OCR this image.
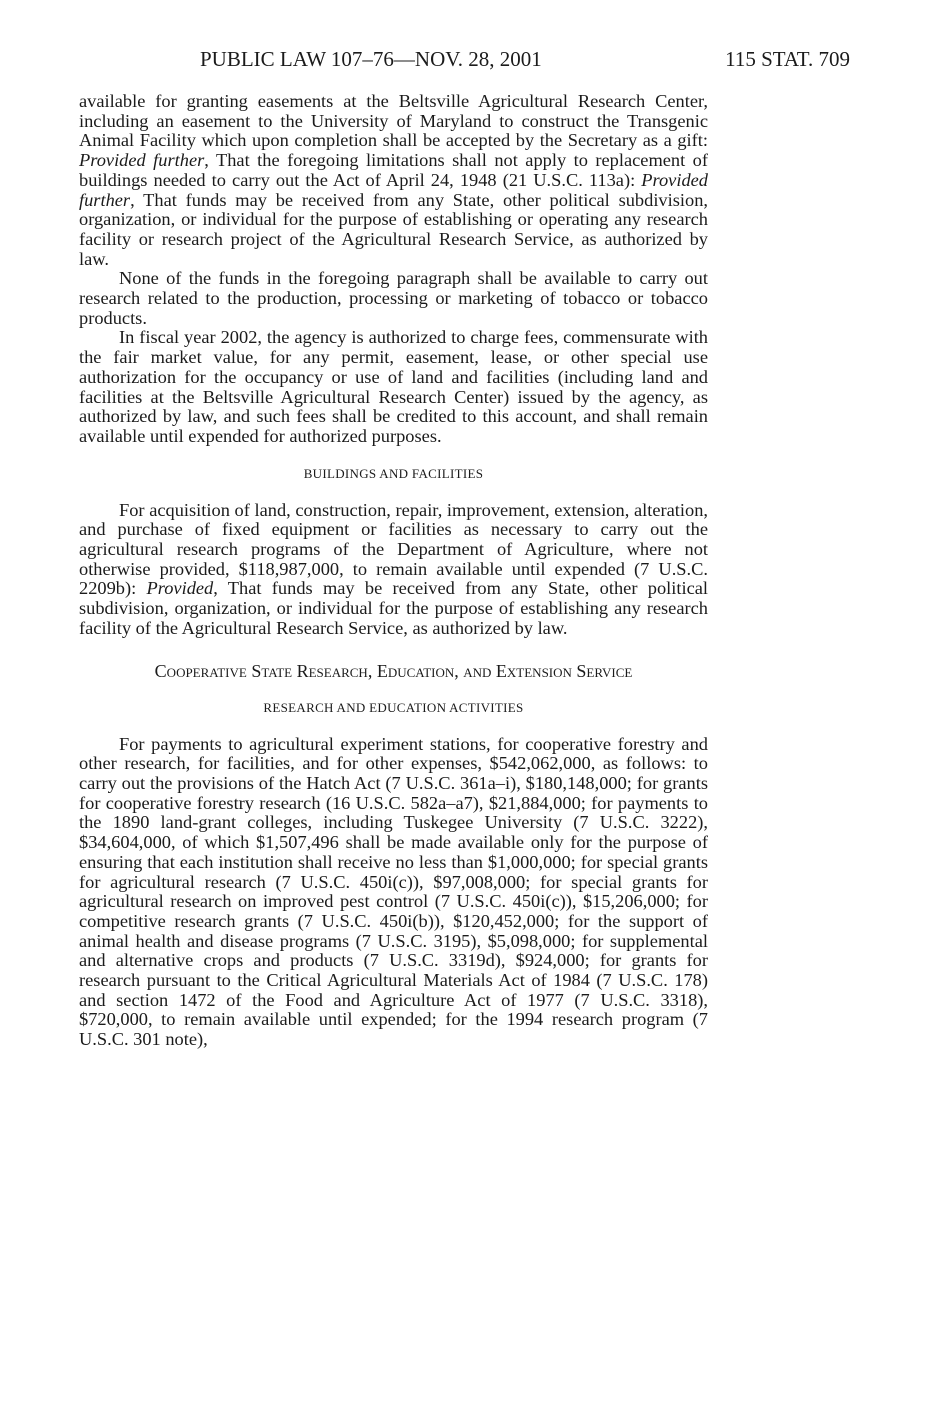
PUBLIC LAW 107–76—NOV. 28, 2001	115 STAT. 709

available for granting easements at the Beltsville Agricultural Research Center, including an easement to the University of Maryland to construct the Transgenic Animal Facility which upon completion shall be accepted by the Secretary as a gift: Provided further, That the foregoing limitations shall not apply to replacement of buildings needed to carry out the Act of April 24, 1948 (21 U.S.C. 113a): Provided further, That funds may be received from any State, other political subdivision, organization, or individual for the purpose of establishing or operating any research facility or research project of the Agricultural Research Service, as authorized by law.

None of the funds in the foregoing paragraph shall be available to carry out research related to the production, processing or marketing of tobacco or tobacco products.

In fiscal year 2002, the agency is authorized to charge fees, commensurate with the fair market value, for any permit, easement, lease, or other special use authorization for the occupancy or use of land and facilities (including land and facilities at the Beltsville Agricultural Research Center) issued by the agency, as authorized by law, and such fees shall be credited to this account, and shall remain available until expended for authorized purposes.

BUILDINGS AND FACILITIES

For acquisition of land, construction, repair, improvement, extension, alteration, and purchase of fixed equipment or facilities as necessary to carry out the agricultural research programs of the Department of Agriculture, where not otherwise provided, $118,987,000, to remain available until expended (7 U.S.C. 2209b): Provided, That funds may be received from any State, other political subdivision, organization, or individual for the purpose of establishing any research facility of the Agricultural Research Service, as authorized by law.

Cooperative State Research, Education, and Extension Service
RESEARCH AND EDUCATION ACTIVITIES

For payments to agricultural experiment stations, for cooperative forestry and other research, for facilities, and for other expenses, $542,062,000, as follows: to carry out the provisions of the Hatch Act (7 U.S.C. 361a–i), $180,148,000; for grants for cooperative forestry research (16 U.S.C. 582a–a7), $21,884,000; for payments to the 1890 land-grant colleges, including Tuskegee University (7 U.S.C. 3222), $34,604,000, of which $1,507,496 shall be made available only for the purpose of ensuring that each institution shall receive no less than $1,000,000; for special grants for agricultural research (7 U.S.C. 450i(c)), $97,008,000; for special grants for agricultural research on improved pest control (7 U.S.C. 450i(c)), $15,206,000; for competitive research grants (7 U.S.C. 450i(b)), $120,452,000; for the support of animal health and disease programs (7 U.S.C. 3195), $5,098,000; for supplemental and alternative crops and products (7 U.S.C. 3319d), $924,000; for grants for research pursuant to the Critical Agricultural Materials Act of 1984 (7 U.S.C. 178) and section 1472 of the Food and Agriculture Act of 1977 (7 U.S.C. 3318), $720,000, to remain available until expended; for the 1994 research program (7 U.S.C. 301 note),
